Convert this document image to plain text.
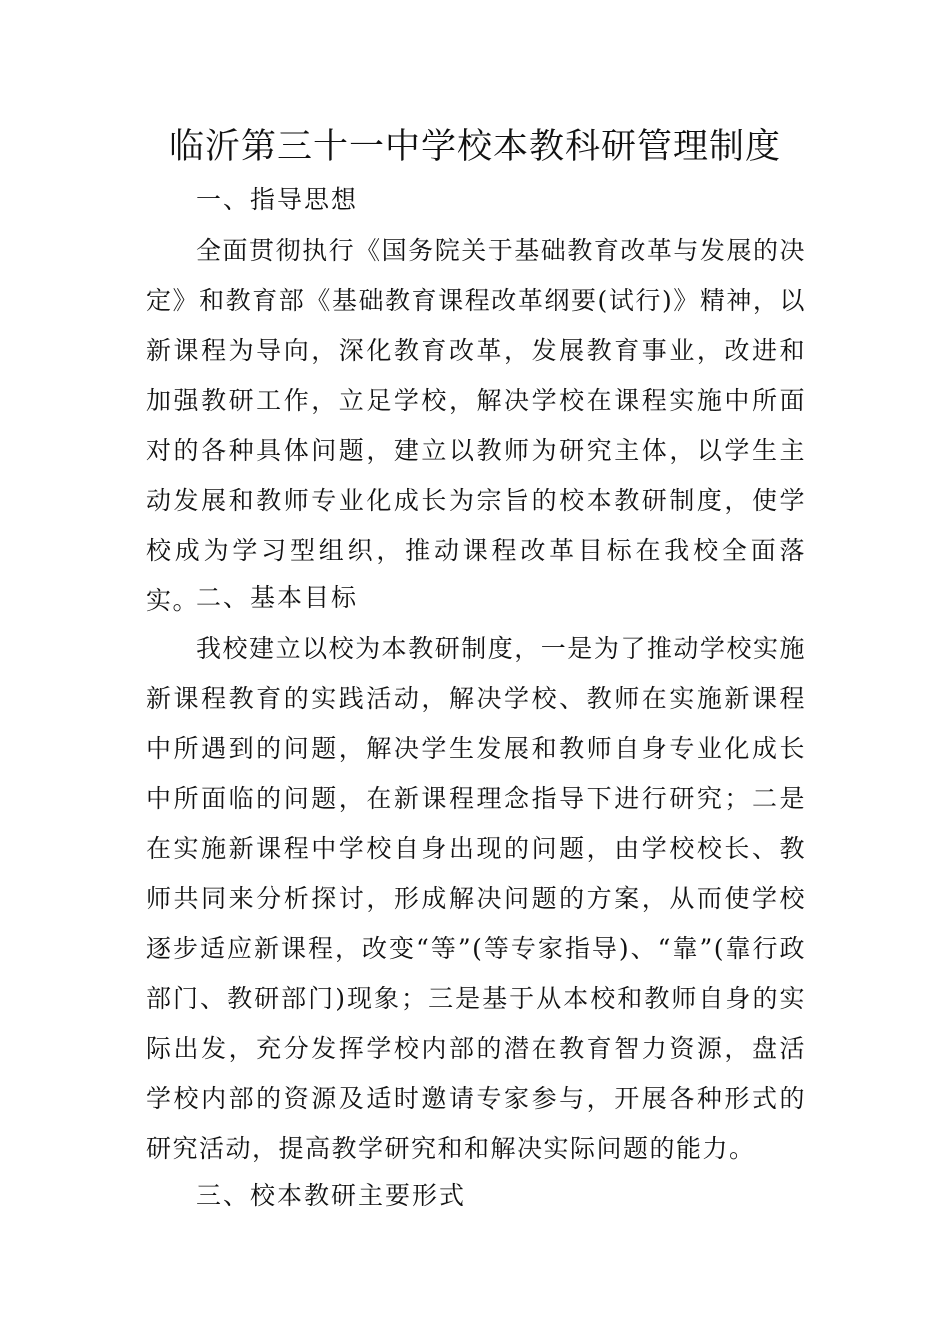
临沂第三十一中学校本教科研管理制度
一、指导思想
全面贯彻执行《国务院关于基础教育改革与发展的决定》和教育部《基础教育课程改革纲要(试行)》精神，以新课程为导向，深化教育改革，发展教育事业，改进和加强教研工作，立足学校，解决学校在课程实施中所面对的各种具体问题，建立以教师为研究主体，以学生主动发展和教师专业化成长为宗旨的校本教研制度，使学校成为学习型组织，推动课程改革目标在我校全面落实。
二、基本目标
我校建立以校为本教研制度，一是为了推动学校实施新课程教育的实践活动，解决学校、教师在实施新课程中所遇到的问题，解决学生发展和教师自身专业化成长中所面临的问题，在新课程理念指导下进行研究；二是在实施新课程中学校自身出现的问题，由学校校长、教师共同来分析探讨，形成解决问题的方案，从而使学校逐步适应新课程，改变“等”(等专家指导)、“靠”(靠行政部门、教研部门)现象；三是基于从本校和教师自身的实际出发，充分发挥学校内部的潜在教育智力资源，盘活学校内部的资源及适时邀请专家参与，开展各种形式的研究活动，提高教学研究和和解决实际问题的能力。
三、校本教研主要形式
